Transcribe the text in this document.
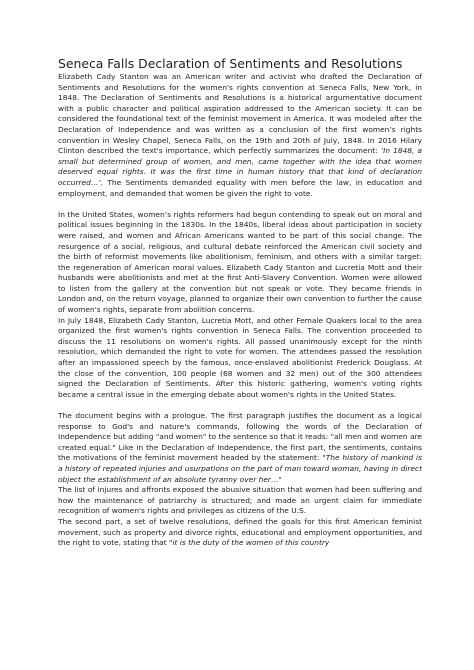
Seneca Falls Declaration of Sentiments and Resolutions

Elizabeth Cady Stanton was an American writer and activist who drafted the Declaration of Sentiments and Resolutions for the women's rights convention at Seneca Falls, New York, in 1848. The Declaration of Sentiments and Resolutions is a historical argumentative document with a public character and political aspiration addressed to the American society. It can be considered the foundational text of the feminist movement in America. It was modeled after the Declaration of Independence and was written as a conclusion of the first women’s rights convention in Wesley Chapel, Seneca Falls, on the 19th and 20th of July, 1848. In 2016 Hilary Clinton described the text's importance, which perfectly summarizes the document: ‘In 1848, a small but determined group of women, and men, came together with the idea that women deserved equal rights. It was the first time in human history that that kind of declaration occurred…’. The Sentiments demanded equality with men before the law, in education and employment, and demanded that women be given the right to vote.

In the United States, women’s rights reformers had begun contending to speak out on moral and political issues beginning in the 1830s. In the 1840s, liberal ideas about participation in society were raised, and women and African Americans wanted to be part of this social change. The resurgence of a social, religious, and cultural debate reinforced the American civil society and the birth of reformist movements like abolitionism, feminism, and others with a similar target: the regeneration of American moral values. Elizabeth Cady Stanton and Lucretia Mott and their husbands were abolitionists and met at the first Anti-Slavery Convention. Women were allowed to listen from the gallery at the convention but not speak or vote. They became friends in London and, on the return voyage, planned to organize their own convention to further the cause of women's rights, separate from abolition concerns.

In July 1848, Elizabeth Cady Stanton, Lucretia Mott, and other Female Quakers local to the area organized the first women's rights convention in Seneca Falls. The convention proceeded to discuss the 11 resolutions on women's rights. All passed unanimously except for the ninth resolution, which demanded the right to vote for women. The attendees passed the resolution after an impassioned speech by the famous, once-enslaved abolitionist Frederick Douglass. At the close of the convention, 100 people (68 women and 32 men) out of the 300 attendees signed the Declaration of Sentiments. After this historic gathering, women's voting rights became a central issue in the emerging debate about women's rights in the United States.

The document begins with a prologue. The first paragraph justifies the document as a logical response to God's and nature's commands, following the words of the Declaration of Independence but adding "and women" to the sentence so that it reads: "all men and women are created equal." Like in the Declaration of Independence, the first part, the sentiments, contains the motivations of the feminist movement headed by the statement: "The history of mankind is a history of repeated injuries and usurpations on the part of man toward woman, having in direct object the establishment of an absolute tyranny over her…"

The list of injures and affronts exposed the abusive situation that women had been suffering and how the maintenance of patriarchy is structured; and made an urgent claim for immediate recognition of women's rights and privileges as citizens of the U.S.

The second part, a set of twelve resolutions, defined the goals for this first American feminist movement, such as property and divorce rights, educational and employment opportunities, and the right to vote, stating that "it is the duty of the women of this country
